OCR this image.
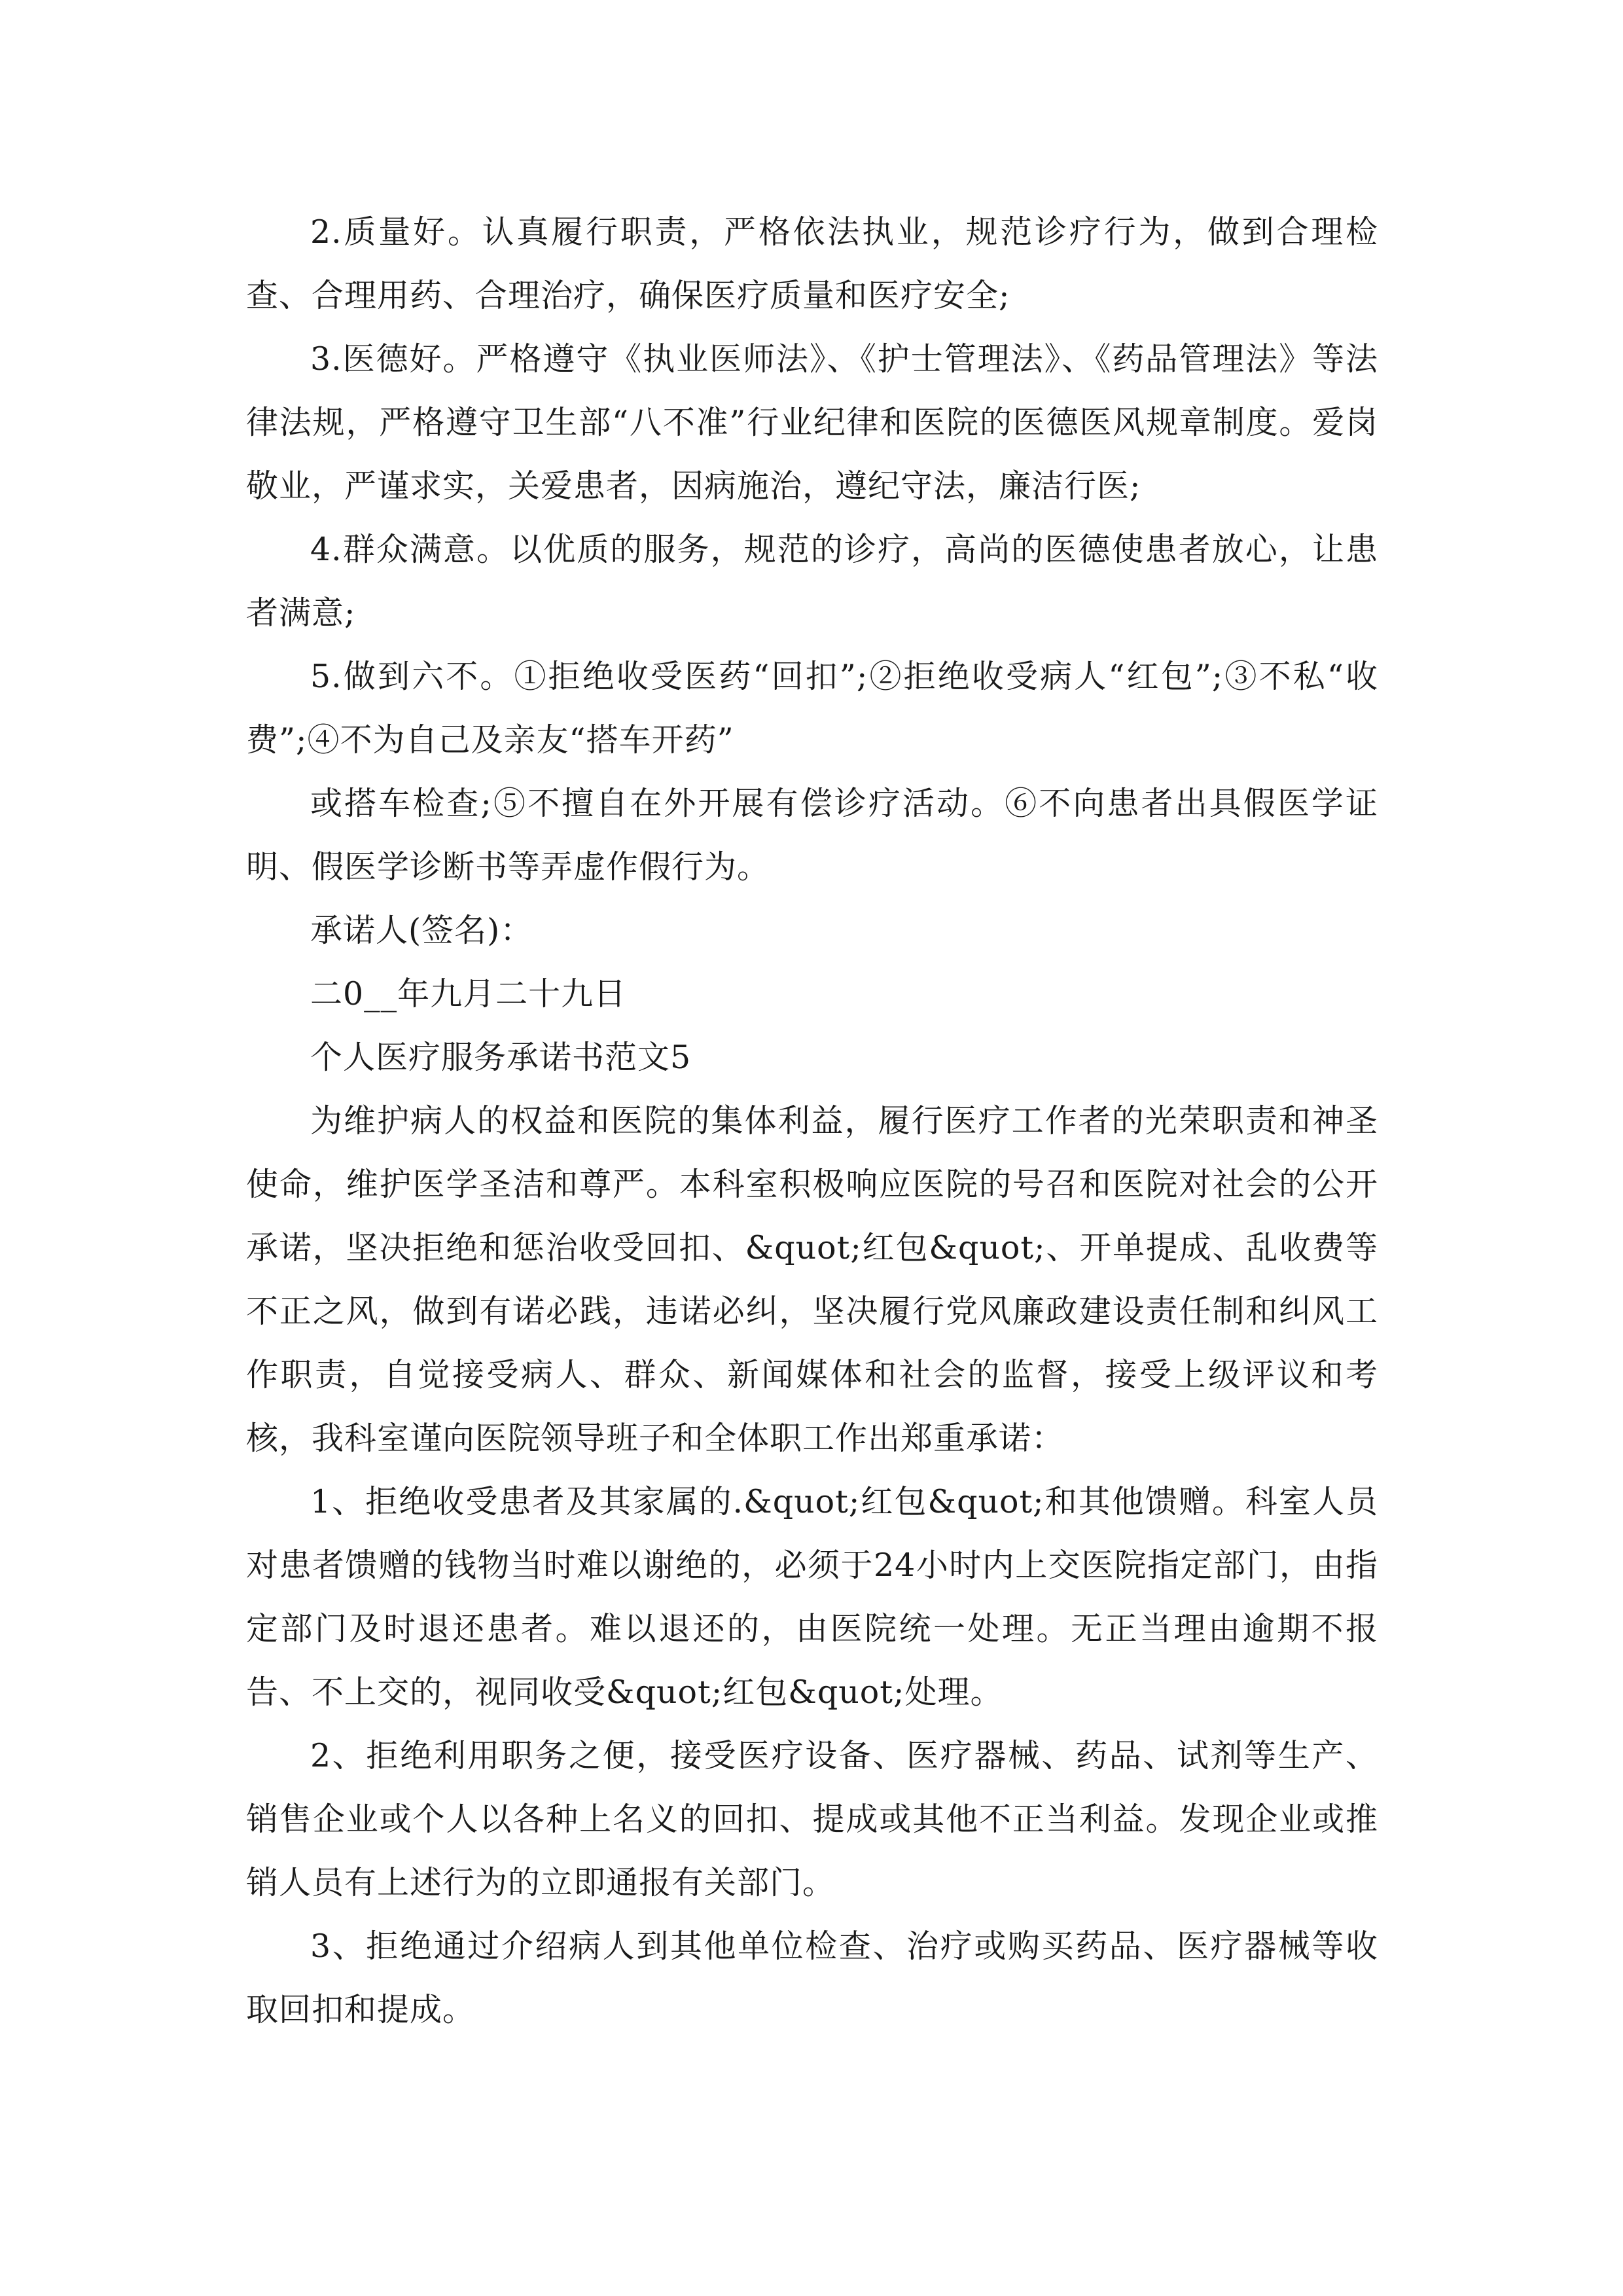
2.质量好。认真履行职责，严格依法执业，规范诊疗行为，做到合理检查、合理用药、合理治疗，确保医疗质量和医疗安全;

3.医德好。严格遵守《执业医师法》、《护士管理法》、《药品管理法》等法律法规，严格遵守卫生部“八不准”行业纪律和医院的医德医风规章制度。爱岗敬业，严谨求实，关爱患者，因病施治，遵纪守法，廉洁行医;

4.群众满意。以优质的服务，规范的诊疗，高尚的医德使患者放心，让患者满意;

5.做到六不。①拒绝收受医药“回扣”;②拒绝收受病人“红包”;③不私“收费”;④不为自己及亲友“搭车开药”

或搭车检查;⑤不擅自在外开展有偿诊疗活动。⑥不向患者出具假医学证明、假医学诊断书等弄虚作假行为。

承诺人(签名)：

二0__年九月二十九日

个人医疗服务承诺书范文5

为维护病人的权益和医院的集体利益，履行医疗工作者的光荣职责和神圣使命，维护医学圣洁和尊严。本科室积极响应医院的号召和医院对社会的公开承诺，坚决拒绝和惩治收受回扣、&quot;红包&quot;、开单提成、乱收费等不正之风，做到有诺必践，违诺必纠，坚决履行党风廉政建设责任制和纠风工作职责，自觉接受病人、群众、新闻媒体和社会的监督，接受上级评议和考核，我科室谨向医院领导班子和全体职工作出郑重承诺：

1、拒绝收受患者及其家属的.&quot;红包&quot;和其他馈赠。科室人员对患者馈赠的钱物当时难以谢绝的，必须于24小时内上交医院指定部门，由指定部门及时退还患者。难以退还的，由医院统一处理。无正当理由逾期不报告、不上交的，视同收受&quot;红包&quot;处理。

2、拒绝利用职务之便，接受医疗设备、医疗器械、药品、试剂等生产、销售企业或个人以各种上名义的回扣、提成或其他不正当利益。发现企业或推销人员有上述行为的立即通报有关部门。

3、拒绝通过介绍病人到其他单位检查、治疗或购买药品、医疗器械等收取回扣和提成。
